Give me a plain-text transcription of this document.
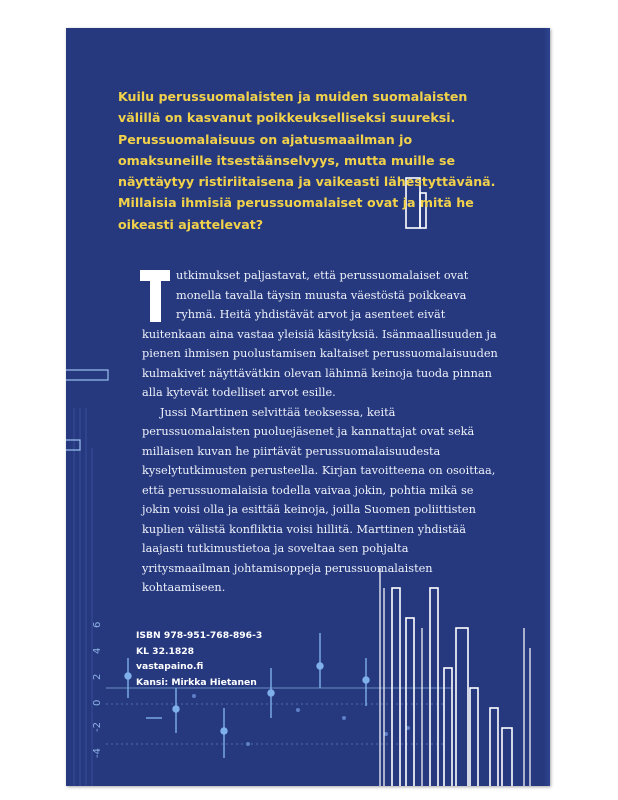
6
4
2
0
-2
-4

Kuilu perussuomalaisten ja muiden suomalaisten välillä on kasvanut poikkeukselliseksi suureksi. Perussuomalaisuus on ajatusmaailman jo omaksuneille itsestäänselvyys, mutta muille se näyttäytyy ristiriitaisena ja vaikeasti lähestyttävänä. Millaisia ihmisiä perussuomalaiset ovat ja mitä he oikeasti ajattelevat?

utkimukset paljastavat, että perussuomalaiset ovat monella tavalla täysin muusta väestöstä poikkeava ryhmä. Heitä yhdistävät arvot ja asenteet eivät kuitenkaan aina vastaa yleisiä käsityksiä. Isänmaallisuuden ja pienen ihmisen puolustamisen kaltaiset perussuomalaisuuden kulmakivet näyttävätkin olevan lähinnä keinoja tuoda pinnan alla kytevät todelliset arvot esille.

Jussi Marttinen selvittää teoksessa, keitä perussuomalaisten puoluejäsenet ja kannattajat ovat sekä millaisen kuvan he piirtävät perussuomalaisuudesta kyselytutkimusten perusteella. Kirjan tavoitteena on osoittaa, että perussuomalaisia todella vaivaa jokin, pohtia mikä se jokin voisi olla ja esittää keinoja, joilla Suomen poliittisten kuplien välistä konfliktia voisi hillitä. Marttinen yhdistää laajasti tutkimustietoa ja soveltaa sen pohjalta yritysmaailman johtamisoppeja perussuomalaisten kohtaamiseen.

ISBN 978-951-768-896-3
KL 32.1828
vastapaino.fi
Kansi: Mirkka Hietanen
